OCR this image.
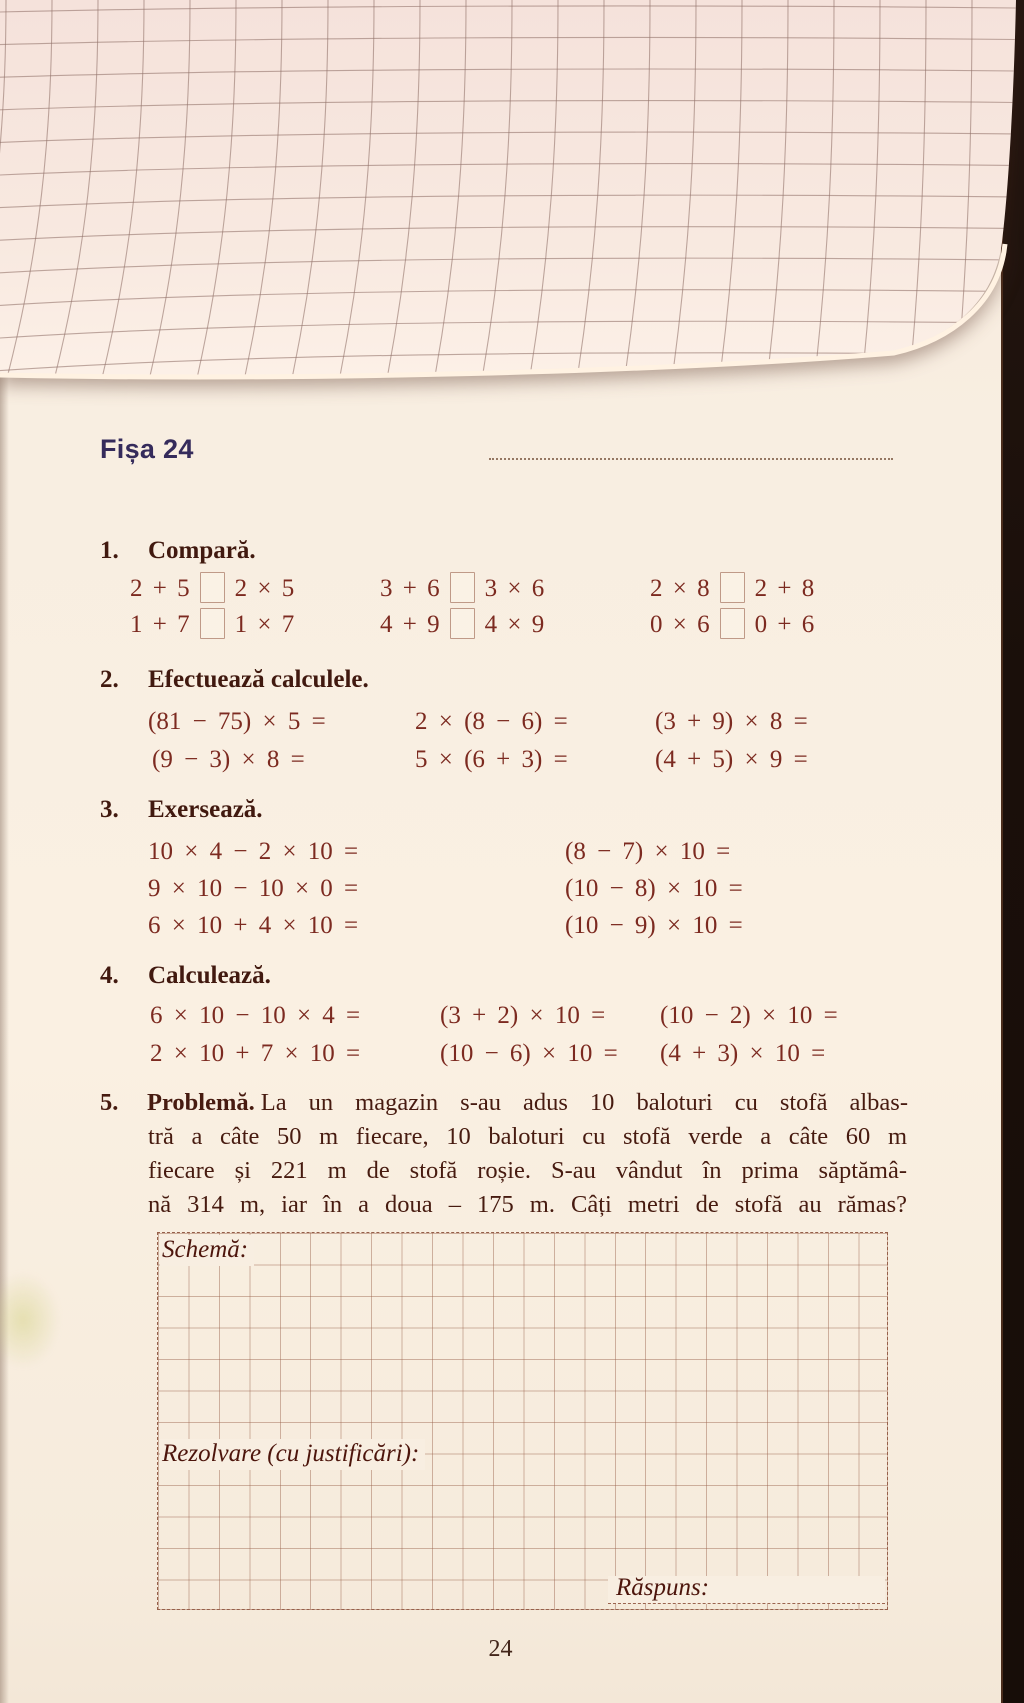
Fișa 24
1. Compară.
2 + 5 2 × 5	3 + 6 3 × 6	2 × 8 2 + 8
1 + 7 1 × 7	4 + 9 4 × 9	0 × 6 0 + 6
2. Efectuează calculele.
(81 − 75) × 5 =	2 × (8 − 6) =	(3 + 9) × 8 =
(9 − 3) × 8 =	5 × (6 + 3) =	(4 + 5) × 9 =
3. Exersează.
10 × 4 − 2 × 10 =	(8 − 7) × 10 =
9 × 10 − 10 × 0 =	(10 − 8) × 10 =
6 × 10 + 4 × 10 =	(10 − 9) × 10 =
4. Calculează.
6 × 10 − 10 × 4 =	(3 + 2) × 10 = (10 − 2) × 10 =
2 × 10 + 7 × 10 =	(10 − 6) × 10 = (4 + 3) × 10 =
5. Problemă. La un magazin s-au adus 10 baloturi cu stofă albas-
tră a câte 50 m fiecare, 10 baloturi cu stofă verde a câte 60 m
fiecare și 221 m de stofă roșie. S-au vândut în prima săptămâ-
nă 314 m, iar în a doua – 175 m. Câți metri de stofă au rămas?
Schemă:
Rezolvare (cu justificări):
Răspuns:
24
